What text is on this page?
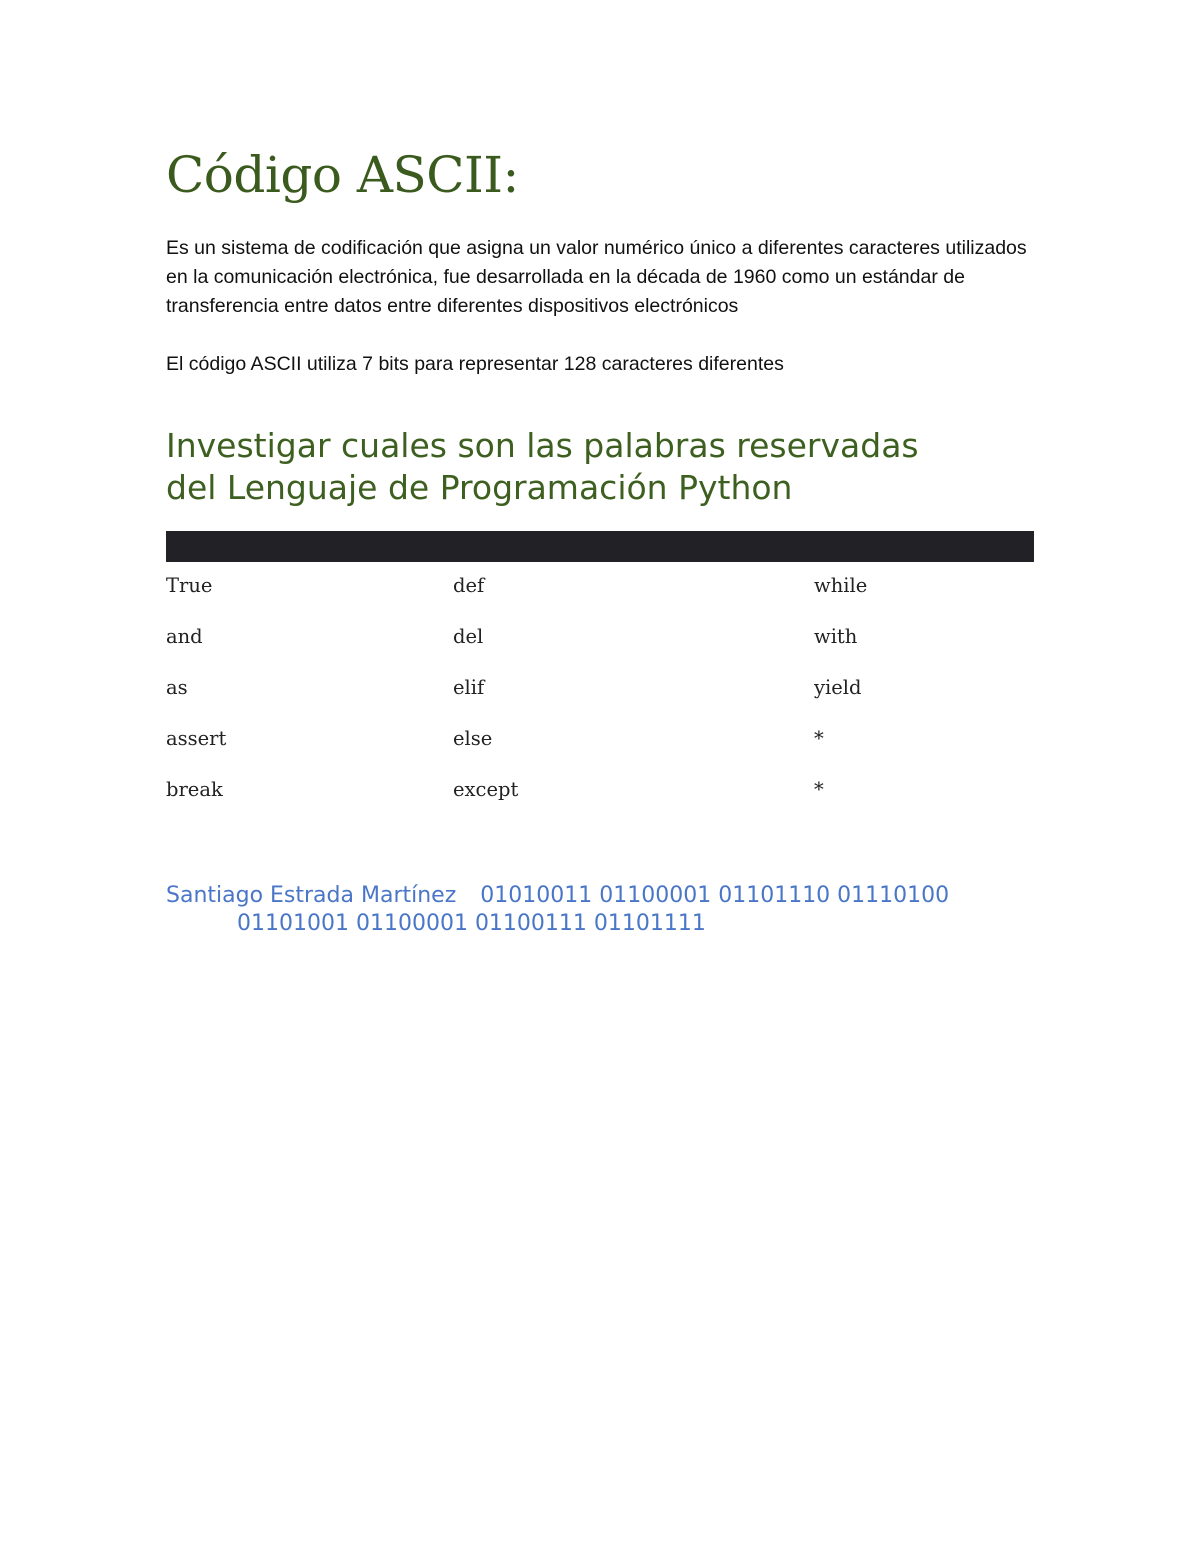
Código ASCII:

Es un sistema de codificación que asigna un valor numérico único a diferentes caracteres utilizados en la comunicación electrónica, fue desarrollada en la década de 1960 como un estándar de transferencia entre datos entre diferentes dispositivos electrónicos

El código ASCII utiliza 7 bits para representar 128 caracteres diferentes

Investigar cuales son las palabras reservadas
del Lenguaje de Programación Python
True	def	while
and	del	with
as	elif	yield
assert	else	*
break	except	*

Santiago Estrada Martínez 01010011 01100001 01101110 01110100
01101001 01100001 01100111 01101111
